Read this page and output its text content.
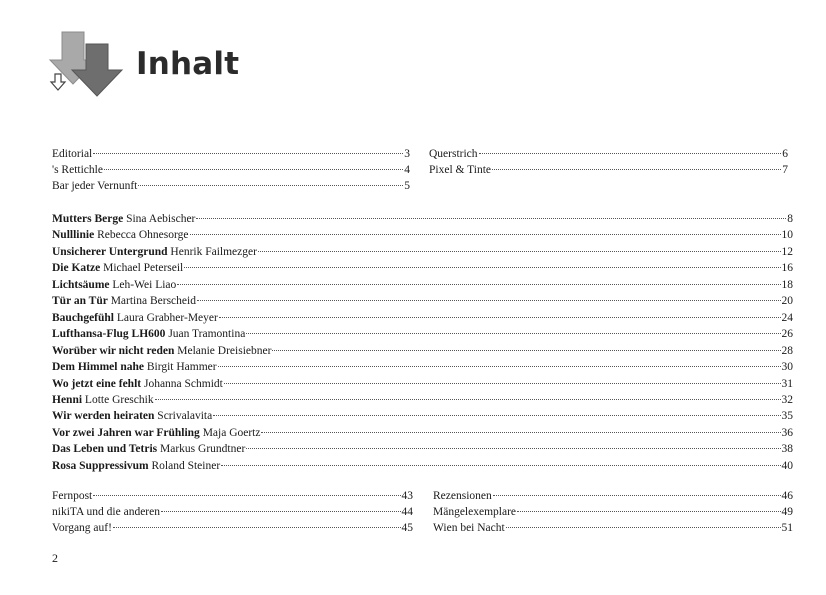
Inhalt
Editorial	3
's Rettichle	4
Bar jeder Vernunft	5
Querstrich	6
Pixel & Tinte	7
Mutters Berge Sina Aebischer	8
Nulllinie Rebecca Ohnesorge	10
Unsicherer Untergrund Henrik Failmezger	12
Die Katze Michael Peterseil	16
Lichtsäume Leh-Wei Liao	18
Tür an Tür Martina Berscheid	20
Bauchgefühl Laura Grabher-Meyer	24
Lufthansa-Flug LH600 Juan Tramontina	26
Worüber wir nicht reden Melanie Dreisiebner	28
Dem Himmel nahe Birgit Hammer	30
Wo jetzt eine fehlt Johanna Schmidt	31
Henni Lotte Greschik	32
Wir werden heiraten Scrivalavita	35
Vor zwei Jahren war Frühling Maja Goertz	36
Das Leben und Tetris Markus Grundtner	38
Rosa Suppressivum Roland Steiner	40
Fernpost	43
nikiTA und die anderen	44
Vorgang auf!	45
Rezensionen	46
Mängelexemplare	49
Wien bei Nacht	51
2
